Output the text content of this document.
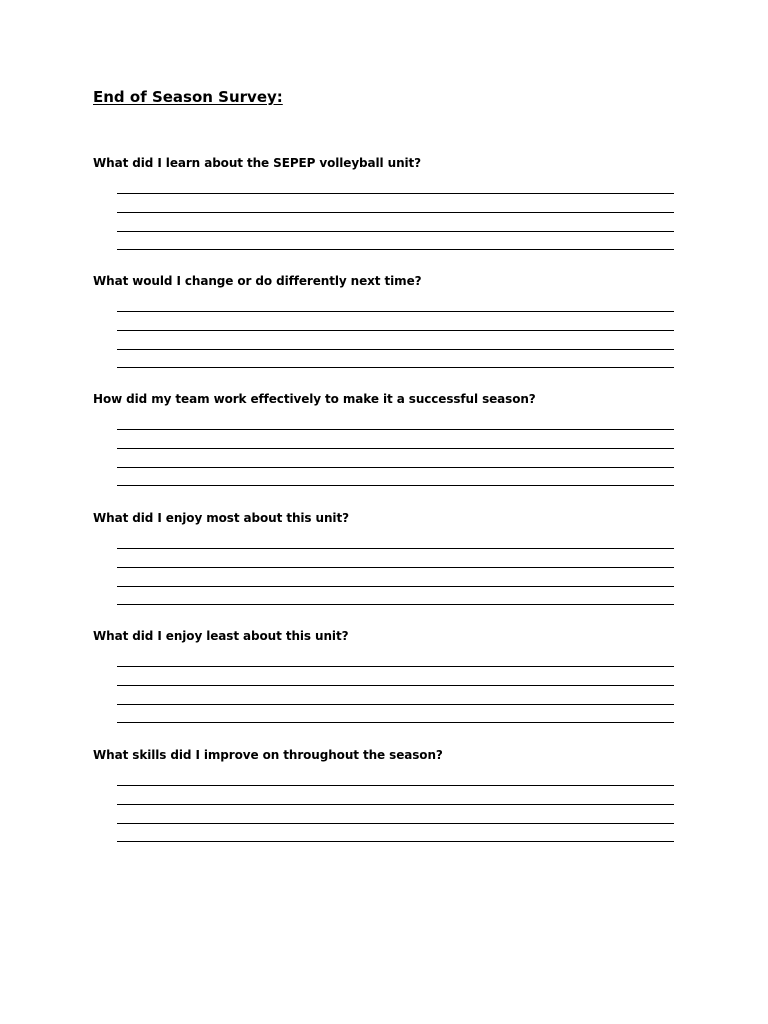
End of Season Survey:
What did I learn about the SEPEP volleyball unit?
What would I change or do differently next time?
How did my team work effectively to make it a successful season?
What did I enjoy most about this unit?
What did I enjoy least about this unit?
What skills did I improve on throughout the season?
